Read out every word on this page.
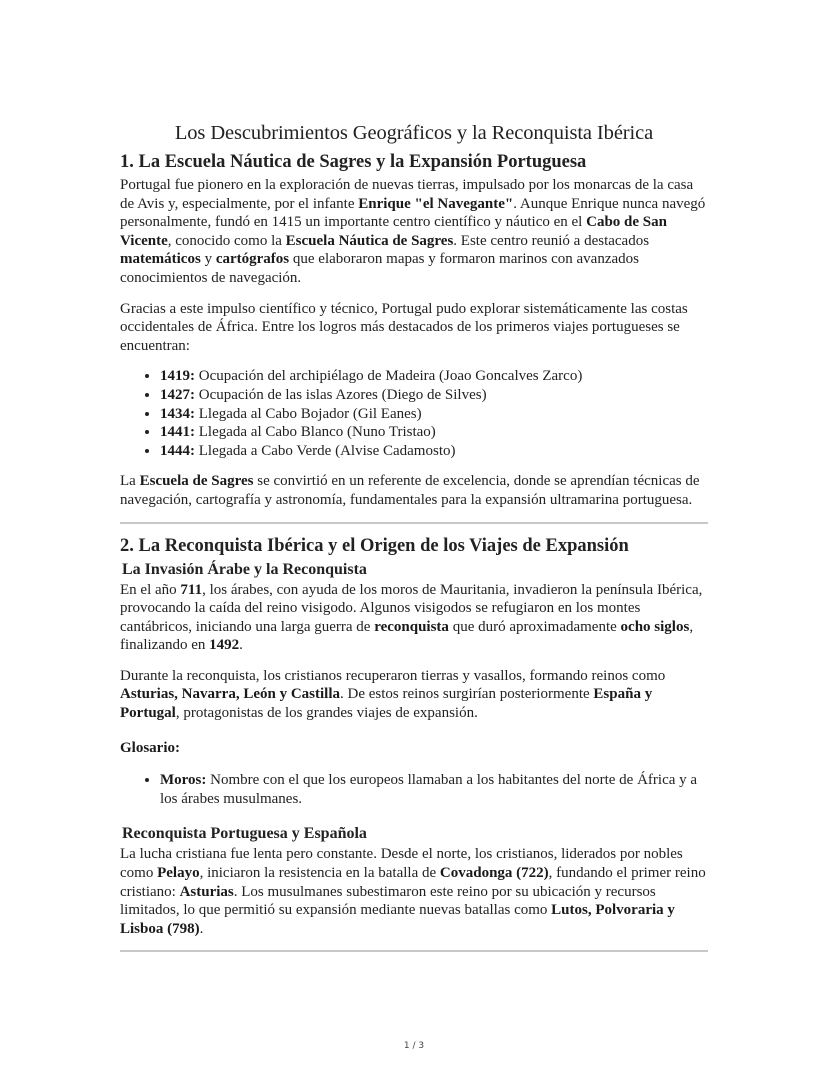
Los Descubrimientos Geográficos y la Reconquista Ibérica
1. La Escuela Náutica de Sagres y la Expansión Portuguesa

Portugal fue pionero en la exploración de nuevas tierras, impulsado por los monarcas de la casa de Avis y, especialmente, por el infante Enrique "el Navegante". Aunque Enrique nunca navegó personalmente, fundó en 1415 un importante centro científico y náutico en el Cabo de San Vicente, conocido como la Escuela Náutica de Sagres. Este centro reunió a destacados matemáticos y cartógrafos que elaboraron mapas y formaron marinos con avanzados conocimientos de navegación.

Gracias a este impulso científico y técnico, Portugal pudo explorar sistemáticamente las costas occidentales de África. Entre los logros más destacados de los primeros viajes portugueses se encuentran:

• 1419: Ocupación del archipiélago de Madeira (Joao Goncalves Zarco)
• 1427: Ocupación de las islas Azores (Diego de Silves)
• 1434: Llegada al Cabo Bojador (Gil Eanes)
• 1441: Llegada al Cabo Blanco (Nuno Tristao)
• 1444: Llegada a Cabo Verde (Alvise Cadamosto)

La Escuela de Sagres se convirtió en un referente de excelencia, donde se aprendían técnicas de navegación, cartografía y astronomía, fundamentales para la expansión ultramarina portuguesa.

2. La Reconquista Ibérica y el Origen de los Viajes de Expansión
La Invasión Árabe y la Reconquista

En el año 711, los árabes, con ayuda de los moros de Mauritania, invadieron la península Ibérica, provocando la caída del reino visigodo. Algunos visigodos se refugiaron en los montes cantábricos, iniciando una larga guerra de reconquista que duró aproximadamente ocho siglos, finalizando en 1492.

Durante la reconquista, los cristianos recuperaron tierras y vasallos, formando reinos como Asturias, Navarra, León y Castilla. De estos reinos surgirían posteriormente España y Portugal, protagonistas de los grandes viajes de expansión.

Glosario:

• Moros: Nombre con el que los europeos llamaban a los habitantes del norte de África y a los árabes musulmanes.
Reconquista Portuguesa y Española

La lucha cristiana fue lenta pero constante. Desde el norte, los cristianos, liderados por nobles como Pelayo, iniciaron la resistencia en la batalla de Covadonga (722), fundando el primer reino cristiano: Asturias. Los musulmanes subestimaron este reino por su ubicación y recursos limitados, lo que permitió su expansión mediante nuevas batallas como Lutos, Polvoraria y Lisboa (798).

1 / 3
